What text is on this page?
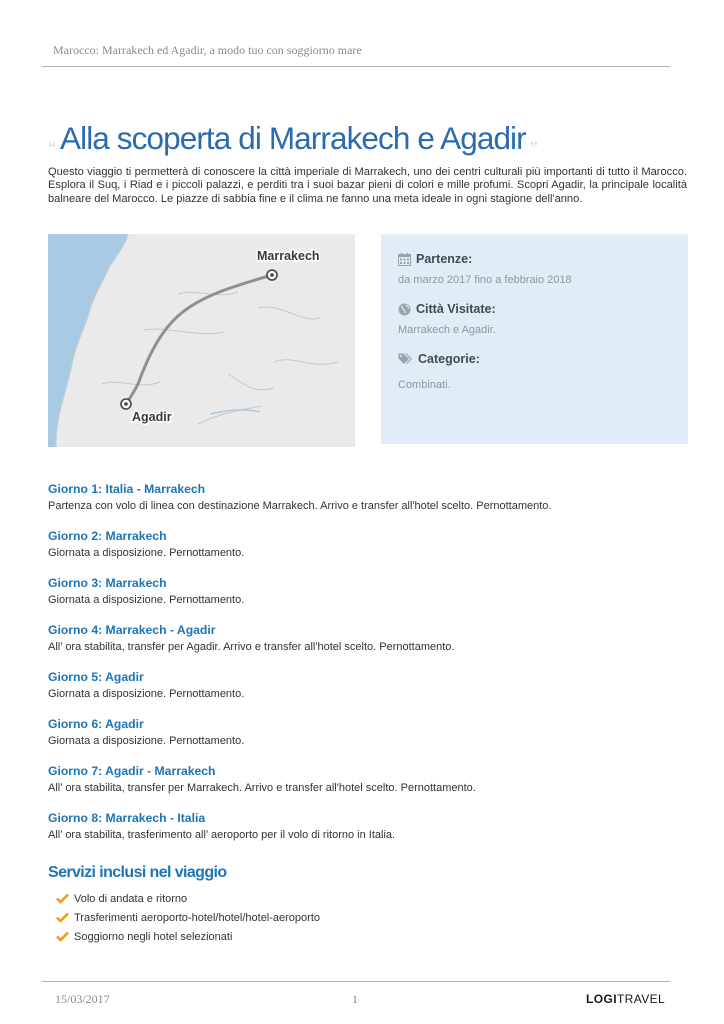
Marocco: Marrakech ed Agadir, a modo tuo con soggiorno mare
“ Alla scoperta di Marrakech e Agadir ”

Questo viaggio ti permetterà di conoscere la città imperiale di Marrakech, uno dei centri culturali più importanti di tutto il Marocco. Esplora il Suq, i Riad e i piccoli palazzi, e perditi tra i suoi bazar pieni di colori e mille profumi. Scopri Agadir, la principale località balneare del Marocco. Le piazze di sabbia fine e il clima ne fanno una meta ideale in ogni stagione dell'anno.

Marrakech
Agadir
Partenze:
da marzo 2017 fino a febbraio 2018
Città Visitate:
Marrakech e Agadir.
Categorie:
Combinati.

Giorno 1: Italia - Marrakech

Partenza con volo di linea con destinazione Marrakech. Arrivo e transfer all'hotel scelto. Pernottamento.

Giorno 2: Marrakech

Giornata a disposizione. Pernottamento.

Giorno 3: Marrakech

Giornata a disposizione. Pernottamento.

Giorno 4: Marrakech - Agadir

All’ ora stabilita, transfer per Agadir. Arrivo e transfer all'hotel scelto. Pernottamento.

Giorno 5: Agadir

Giornata a disposizione. Pernottamento.

Giorno 6: Agadir

Giornata a disposizione. Pernottamento.

Giorno 7: Agadir - Marrakech

All’ ora stabilita, transfer per Marrakech. Arrivo e transfer all'hotel scelto. Pernottamento.

Giorno 8: Marrakech - Italia

All’ ora stabilita, trasferimento all’ aeroporto per il volo di ritorno in Italia.

Servizi inclusi nel viaggio
Volo di andata e ritorno
Trasferimenti aeroporto-hotel/hotel/hotel-aeroporto
Soggiorno negli hotel selezionati
15/03/2017	1	LOGITRAVEL
